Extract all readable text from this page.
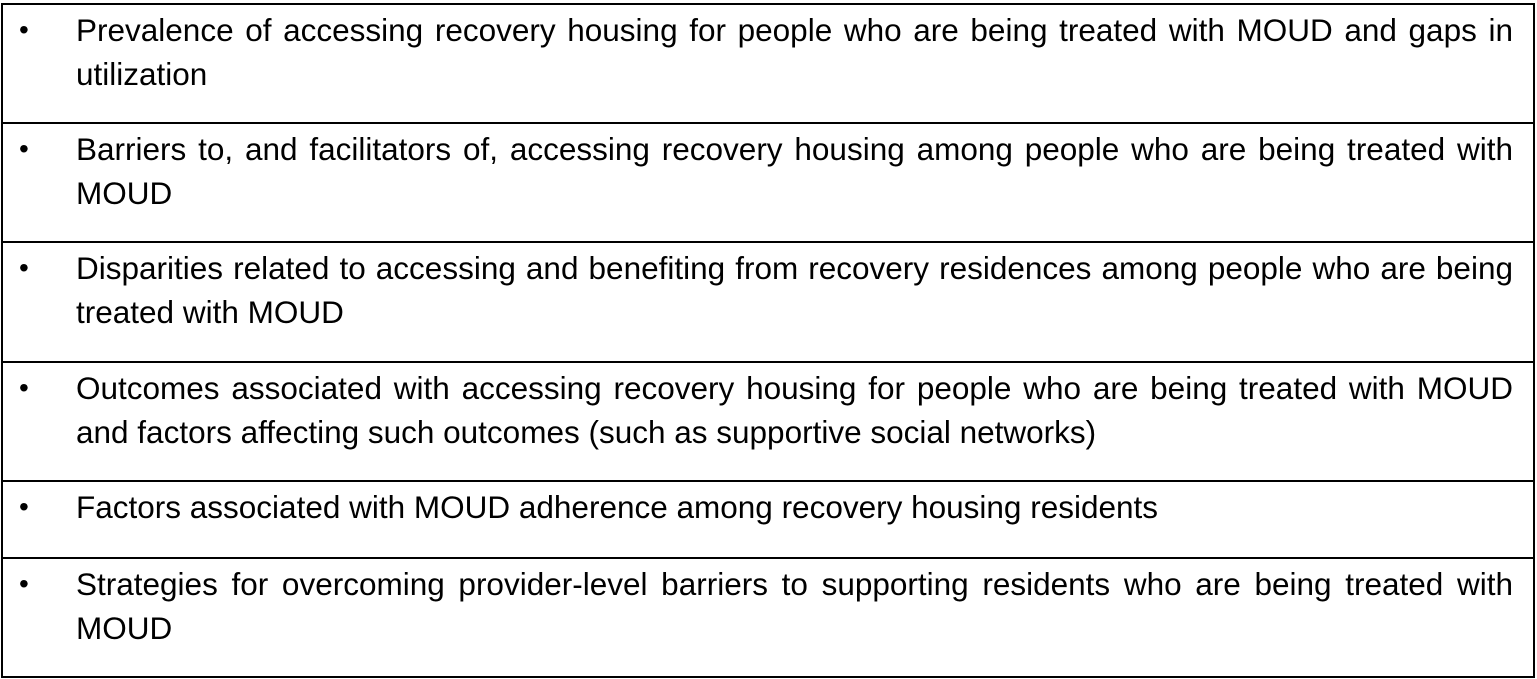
• Prevalence of accessing recovery housing for people who are being treated with MOUD and gaps in utilization
• Barriers to, and facilitators of, accessing recovery housing among people who are being treated with MOUD
• Disparities related to accessing and benefiting from recovery residences among people who are being treated with MOUD
• Outcomes associated with accessing recovery housing for people who are being treated with MOUD and factors affecting such outcomes (such as supportive social networks)
• Factors associated with MOUD adherence among recovery housing residents
• Strategies for overcoming provider-level barriers to supporting residents who are being treated with MOUD
